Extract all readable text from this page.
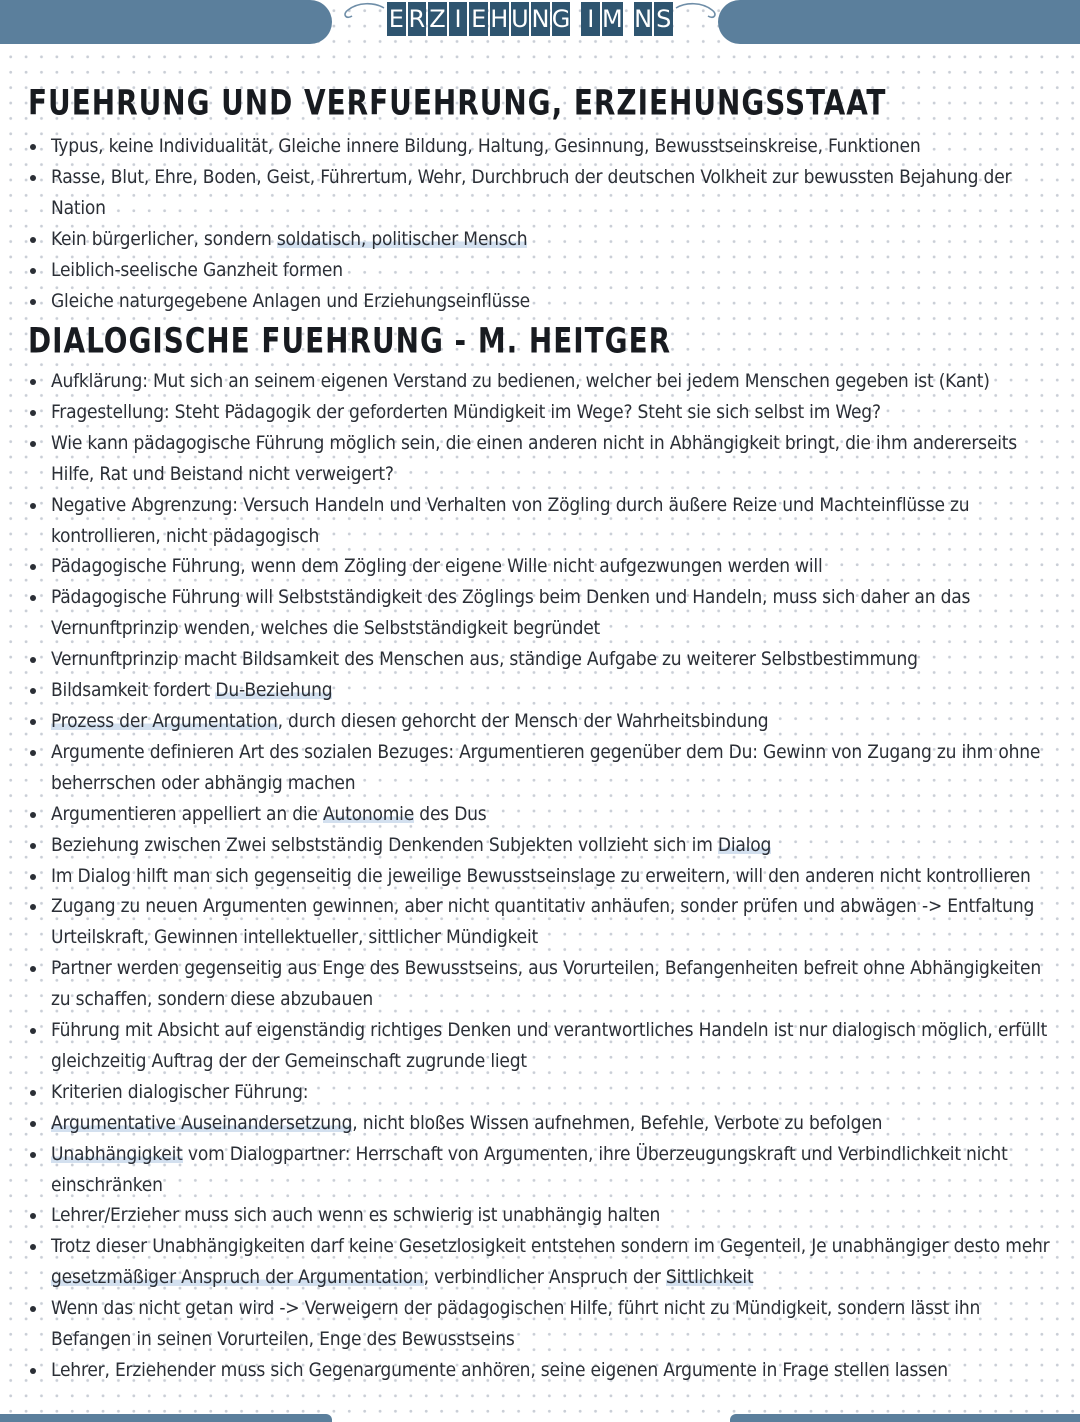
E R Z I E H U N G I M N S
FUEHRUNG UND VERFUEHRUNG, ERZIEHUNGSSTAAT
Typus, keine Individualität, Gleiche innere Bildung, Haltung, Gesinnung, Bewusstseinskreise, Funktionen
Rasse, Blut, Ehre, Boden, Geist, Führertum, Wehr, Durchbruch der deutschen Volkheit zur bewussten Bejahung der Nation
Kein bürgerlicher, sondern soldatisch, politischer Mensch
Leiblich-seelische Ganzheit formen
Gleiche naturgegebene Anlagen und Erziehungseinflüsse
DIALOGISCHE FUEHRUNG - M. HEITGER
Aufklärung: Mut sich an seinem eigenen Verstand zu bedienen, welcher bei jedem Menschen gegeben ist (Kant)
Fragestellung: Steht Pädagogik der geforderten Mündigkeit im Wege? Steht sie sich selbst im Weg?
Wie kann pädagogische Führung möglich sein, die einen anderen nicht in Abhängigkeit bringt, die ihm andererseits Hilfe, Rat und Beistand nicht verweigert?
Negative Abgrenzung: Versuch Handeln und Verhalten von Zögling durch äußere Reize und Machteinflüsse zu kontrollieren, nicht pädagogisch
Pädagogische Führung, wenn dem Zögling der eigene Wille nicht aufgezwungen werden will
Pädagogische Führung will Selbstständigkeit des Zöglings beim Denken und Handeln, muss sich daher an das Vernunftprinzip wenden, welches die Selbstständigkeit begründet
Vernunftprinzip macht Bildsamkeit des Menschen aus, ständige Aufgabe zu weiterer Selbstbestimmung
Bildsamkeit fordert Du-Beziehung
Prozess der Argumentation, durch diesen gehorcht der Mensch der Wahrheitsbindung
Argumente definieren Art des sozialen Bezuges: Argumentieren gegenüber dem Du: Gewinn von Zugang zu ihm ohne beherrschen oder abhängig machen
Argumentieren appelliert an die Autonomie des Dus
Beziehung zwischen Zwei selbstständig Denkenden Subjekten vollzieht sich im Dialog
Im Dialog hilft man sich gegenseitig die jeweilige Bewusstseinslage zu erweitern, will den anderen nicht kontrollieren
Zugang zu neuen Argumenten gewinnen, aber nicht quantitativ anhäufen, sonder prüfen und abwägen -> Entfaltung Urteilskraft, Gewinnen intellektueller, sittlicher Mündigkeit
Partner werden gegenseitig aus Enge des Bewusstseins, aus Vorurteilen, Befangenheiten befreit ohne Abhängigkeiten zu schaffen, sondern diese abzubauen
Führung mit Absicht auf eigenständig richtiges Denken und verantwortliches Handeln ist nur dialogisch möglich, erfüllt gleichzeitig Auftrag der der Gemeinschaft zugrunde liegt
Kriterien dialogischer Führung:
Argumentative Auseinandersetzung, nicht bloßes Wissen aufnehmen, Befehle, Verbote zu befolgen
Unabhängigkeit vom Dialogpartner: Herrschaft von Argumenten, ihre Überzeugungskraft und Verbindlichkeit nicht einschränken
Lehrer/Erzieher muss sich auch wenn es schwierig ist unabhängig halten
Trotz dieser Unabhängigkeiten darf keine Gesetzlosigkeit entstehen sondern im Gegenteil, Je unabhängiger desto mehr gesetzmäßiger Anspruch der Argumentation, verbindlicher Anspruch der Sittlichkeit
Wenn das nicht getan wird -> Verweigern der pädagogischen Hilfe, führt nicht zu Mündigkeit, sondern lässt ihn Befangen in seinen Vorurteilen, Enge des Bewusstseins
Lehrer, Erziehender muss sich Gegenargumente anhören, seine eigenen Argumente in Frage stellen lassen
